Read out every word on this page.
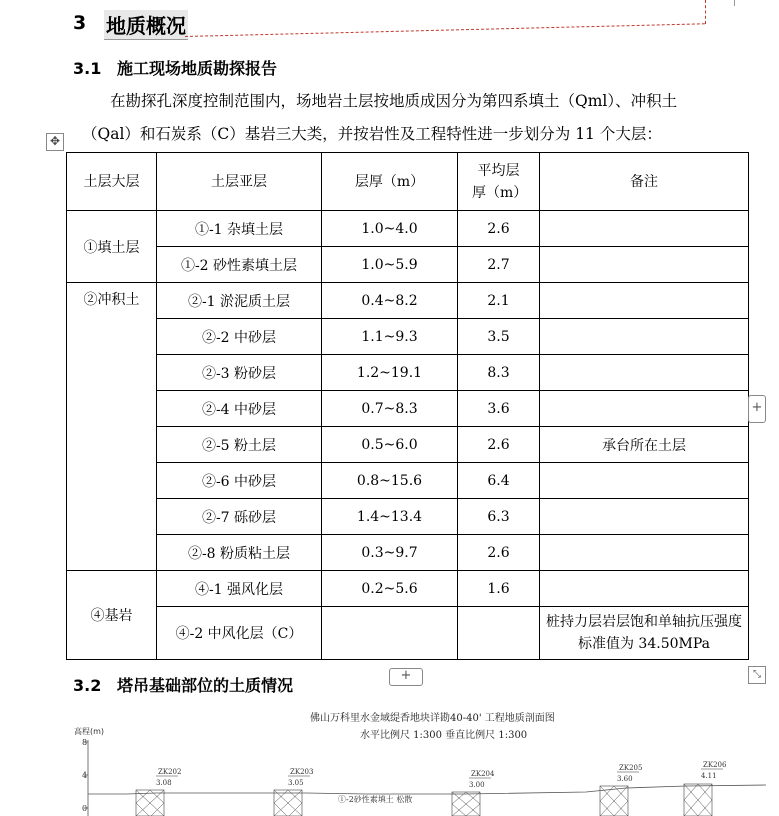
3 地质概况
3.1 施工现场地质勘探报告
在勘探孔深度控制范围内，场地岩土层按地质成因分为第四系填土（Qml）、冲积土
（Qal）和石炭系（C）基岩三大类，并按岩性及工程特性进一步划分为 11 个大层：
✥
土层大层	土层亚层	层厚（m）	平均层厚（m）	备注
①填土层	①-1 杂填土层	1.0~4.0	2.6	
	①-2 砂性素填土层	1.0~5.9	2.7	
②冲积土	②-1 淤泥质土层	0.4~8.2	2.1	
	②-2 中砂层	1.1~9.3	3.5	
	②-3 粉砂层	1.2~19.1	8.3	
	②-4 中砂层	0.7~8.3	3.6	
	②-5 粉土层	0.5~6.0	2.6	承台所在土层
	②-6 中砂层	0.8~15.6	6.4	
	②-7 砾砂层	1.4~13.4	6.3	
	②-8 粉质粘土层	0.3~9.7	2.6	
④基岩	④-1 强风化层	0.2~5.6	1.6	
	④-2 中风化层（C）			桩持力层岩层饱和单轴抗压强度标准值为 34.50MPa
+
+	⤡
3.2 塔吊基础部位的土质情况
佛山万科里水金域缇香地块详勘40-40' 工程地质剖面图
水平比例尺 1:300 垂直比例尺 1:300
高程(m)
8
4
0
ZK202
3.08
ZK203
3.05
ZK204
3.00
ZK205
3.60
ZK206
4.11
①-2砂性素填土 松散
